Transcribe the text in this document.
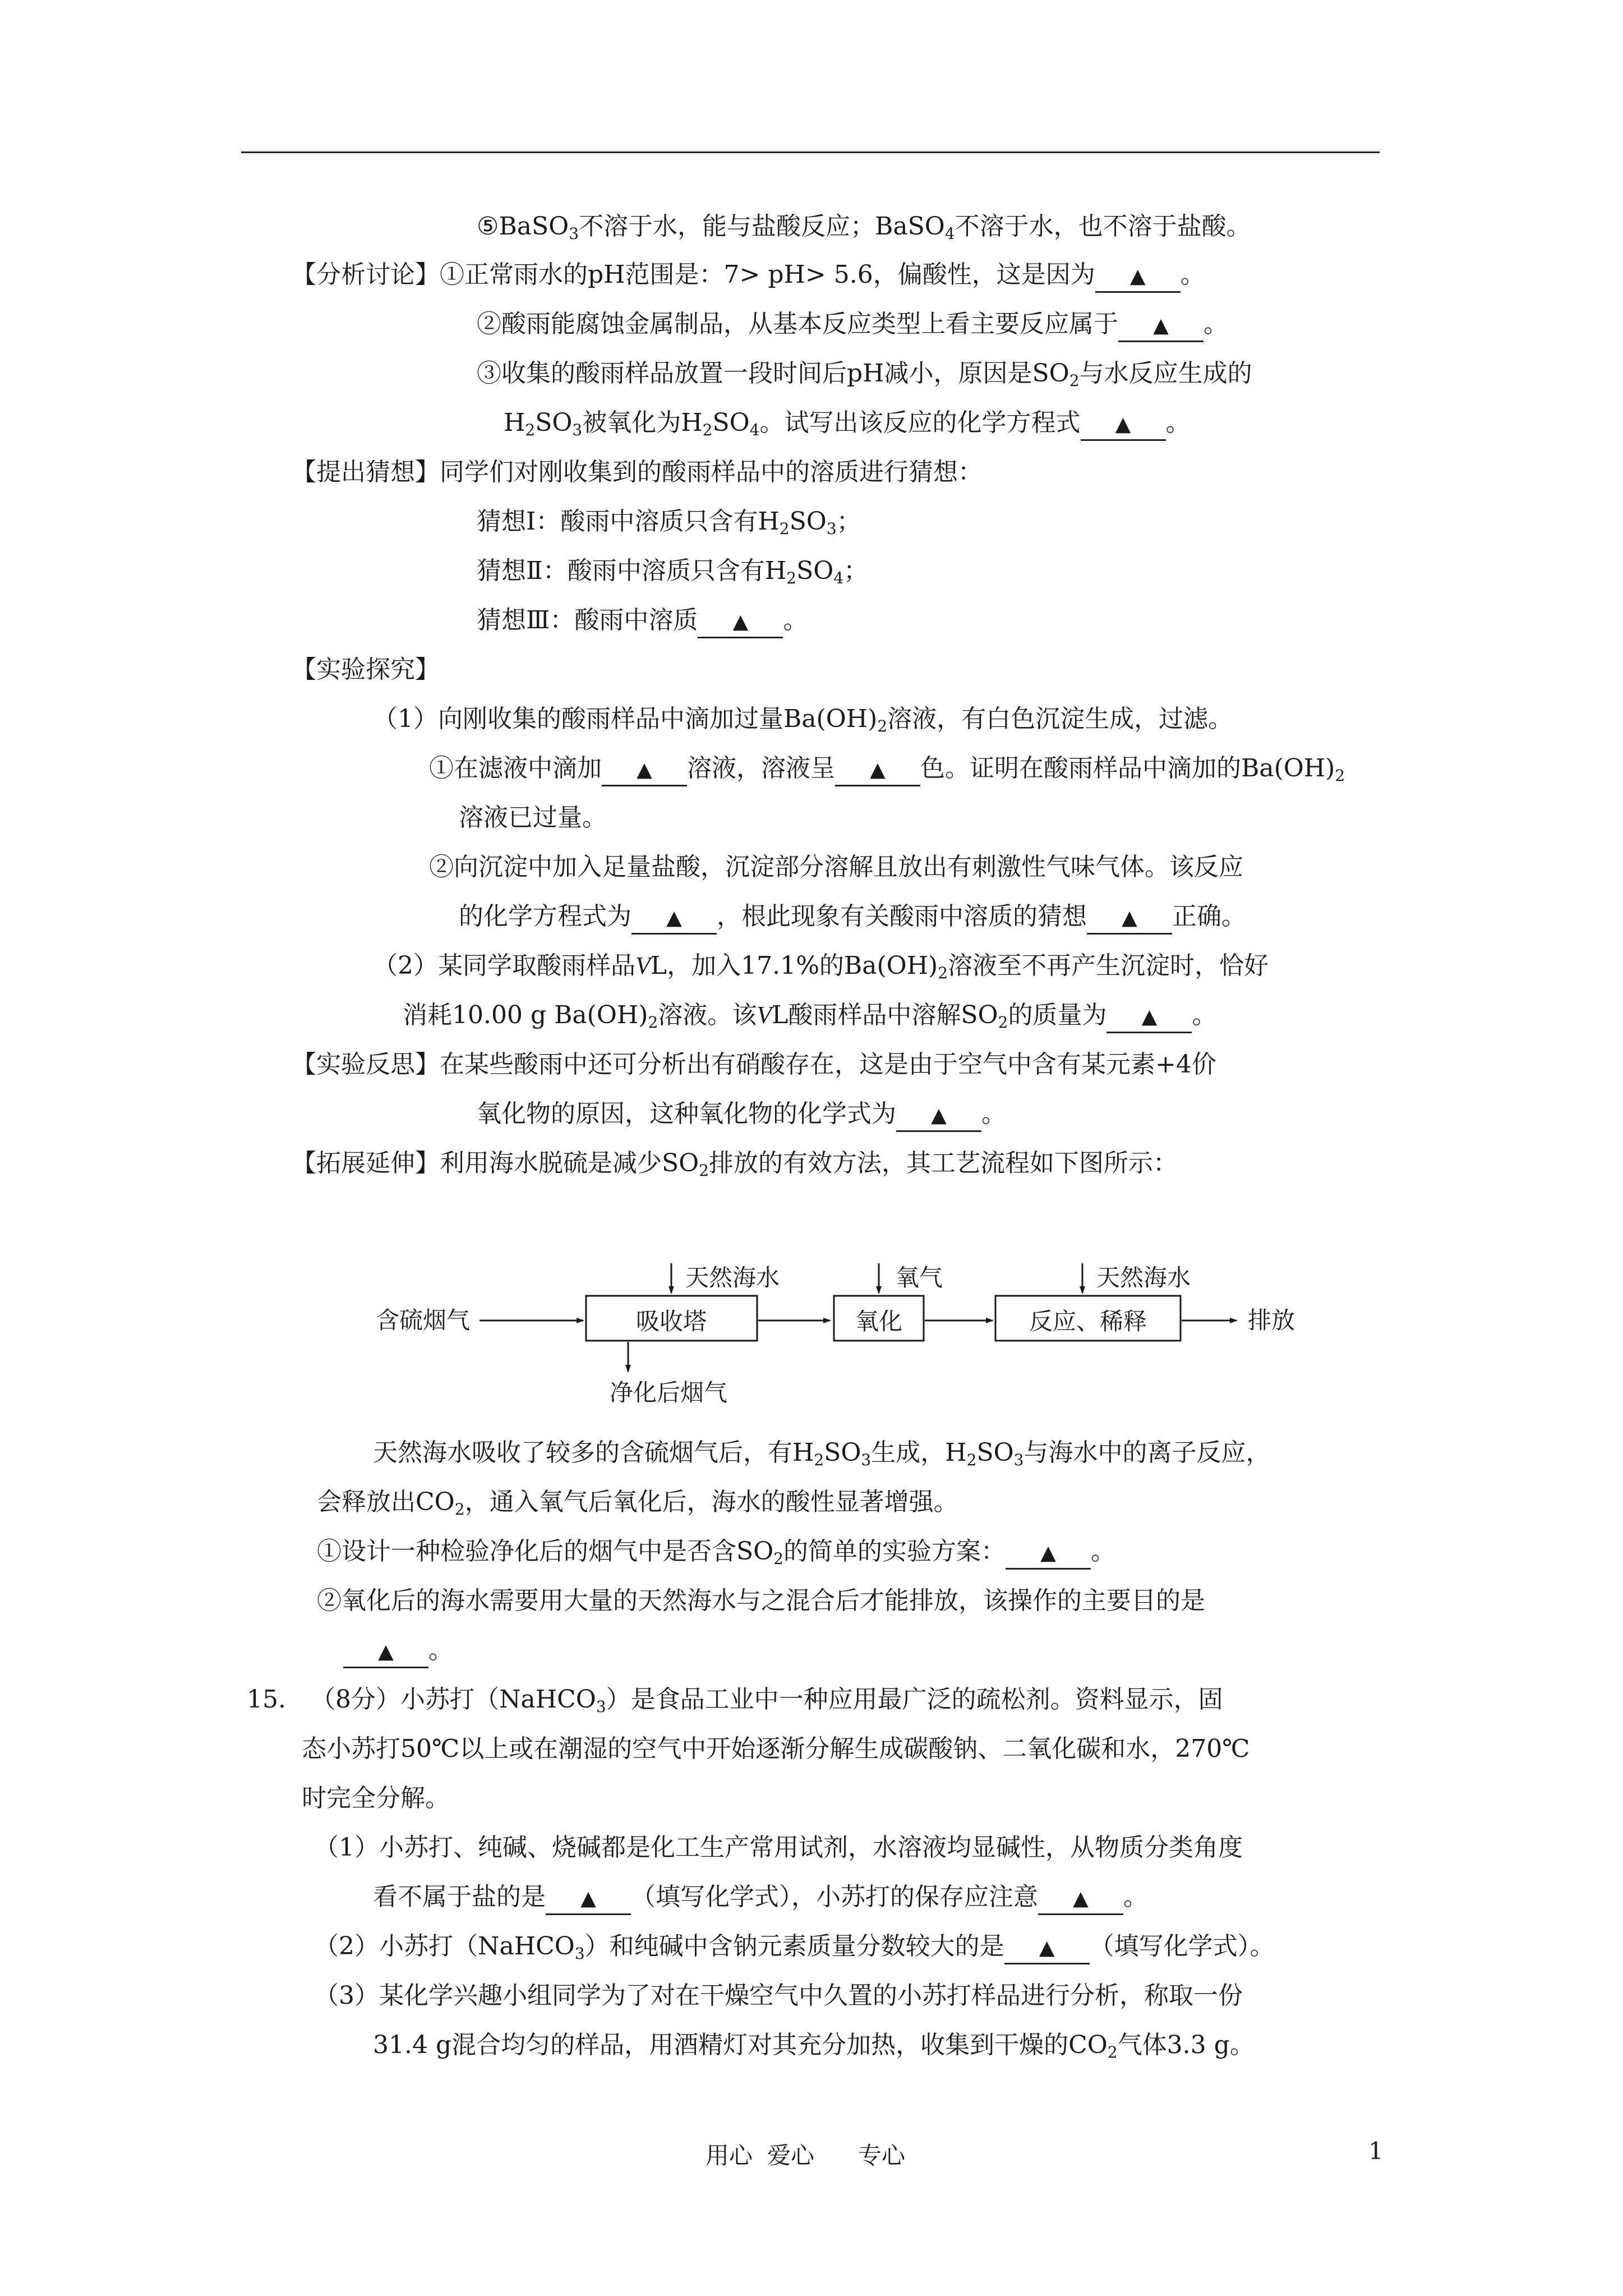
⑤BaSO$_3$不溶于水，能与盐酸反应；BaSO$_4$不溶于水，也不溶于盐酸。
【分析讨论】①正常雨水的pH范围是：7> pH> 5.6，偏酸性，这是因为 ▲ 。
②酸雨能腐蚀金属制品，从基本反应类型上看主要反应属于 ▲ 。
③收集的酸雨样品放置一段时间后pH减小，原因是$SO_2$与水反应生成的
$H_2SO_3$被氧化为$H_2SO_4$。试写出该反应的化学方程式 ▲ 。
【提出猜想】同学们对刚收集到的酸雨样品中的溶质进行猜想：
猜想Ⅰ：酸雨中溶质只含有$H_2SO_3$；
猜想Ⅱ：酸雨中溶质只含有$H_2SO_4$；
猜想Ⅲ：酸雨中溶质 ▲ 。
【实验探究】
（1）向刚收集的酸雨样品中滴加过量$Ba(OH)_2$溶液，有白色沉淀生成，过滤。
①在滤液中滴加 ▲ 溶液，溶液呈 ▲ 色。证明在酸雨样品中滴加的$Ba(OH)_2$
溶液已过量。
②向沉淀中加入足量盐酸，沉淀部分溶解且放出有刺激性气味气体。该反应
的化学方程式为 ▲ ，根此现象有关酸雨中溶质的猜想 ▲ 正确。
（2）某同学取酸雨样品VL，加入17.1%的$Ba(OH)_2$溶液至不再产生沉淀时，恰好
消耗10.00 g $Ba(OH)_2$溶液。该VL酸雨样品中溶解$SO_2$的质量为 ▲ 。
【实验反思】在某些酸雨中还可分析出有硝酸存在，这是由于空气中含有某元素+4价
氧化物的原因，这种氧化物的化学式为 ▲ 。
【拓展延伸】利用海水脱硫是减少$SO_2$排放的有效方法，其工艺流程如下图所示：
含硫烟气	吸收塔
天然海水
净化后烟气
氧化
氧气
反应、稀释
天然海水
排放
天然海水吸收了较多的含硫烟气后，有$H_2SO_3$生成，$H_2SO_3$与海水中的离子反应，
会释放出$CO_2$，通入氧气后氧化后，海水的酸性显著增强。
①设计一种检验净化后的烟气中是否含$SO_2$的简单的实验方案： ▲ 。
②氧化后的海水需要用大量的天然海水与之混合后才能排放，该操作的主要目的是
▲ 。
15. （8分）小苏打（NaHCO$_3$）是食品工业中一种应用最广泛的疏松剂。资料显示，固
态小苏打50℃以上或在潮湿的空气中开始逐渐分解生成碳酸钠、二氧化碳和水，270℃
时完全分解。
（1）小苏打、纯碱、烧碱都是化工生产常用试剂，水溶液均显碱性，从物质分类角度
看不属于盐的是 ▲ （填写化学式），小苏打的保存应注意 ▲ 。
（2）小苏打（NaHCO$_3$）和纯碱中含钠元素质量分数较大的是 ▲ （填写化学式）。
（3）某化学兴趣小组同学为了对在干燥空气中久置的小苏打样品进行分析，称取一份
31.4 g混合均匀的样品，用酒精灯对其充分加热，收集到干燥的$CO_2$气体3.3 g。
用心 爱心 专心	1
